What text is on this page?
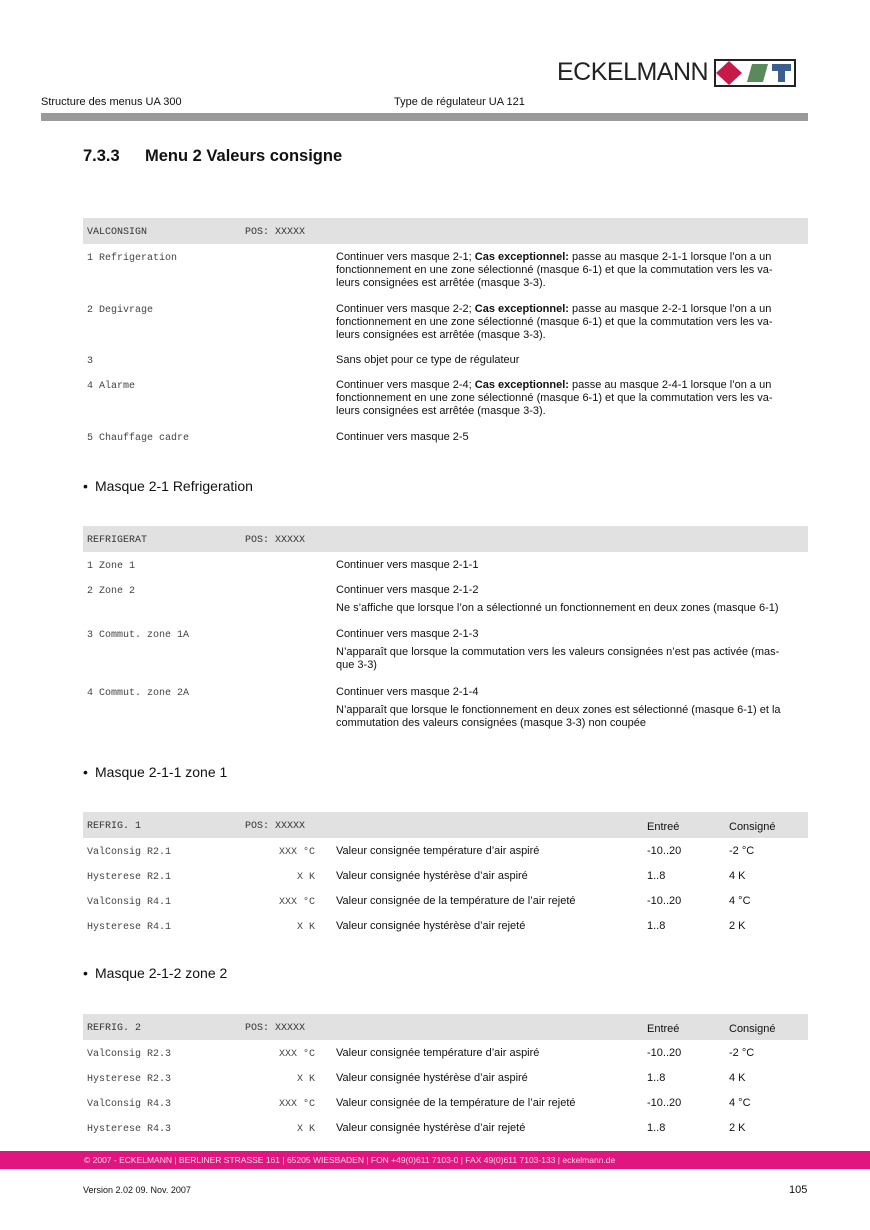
ECKELMANN
Structure des menus UA 300	Type de régulateur UA 121
7.3.3 Menu 2 Valeurs consigne
VALCONSIGN	POS: XXXXX
1 Refrigeration	Continuer vers masque 2-1; Cas exceptionnel: passe au masque 2-1-1 lorsque l’on a un
fonctionnement en une zone sélectionné (masque 6-1) et que la commutation vers les va-
leurs consignées est arrêtée (masque 3-3).
2 Degivrage	Continuer vers masque 2-2; Cas exceptionnel: passe au masque 2-2-1 lorsque l’on a un
fonctionnement en une zone sélectionné (masque 6-1) et que la commutation vers les va-
leurs consignées est arrêtée (masque 3-3).
3	Sans objet pour ce type de régulateur
4 Alarme	Continuer vers masque 2-4; Cas exceptionnel: passe au masque 2-4-1 lorsque l’on a un
fonctionnement en une zone sélectionné (masque 6-1) et que la commutation vers les va-
leurs consignées est arrêtée (masque 3-3).
5 Chauffage cadre	Continuer vers masque 2-5
• Masque 2-1 Refrigeration
REFRIGERAT	POS: XXXXX
1 Zone 1	Continuer vers masque 2-1-1
2 Zone 2	Continuer vers masque 2-1-2

Ne s’affiche que lorsque l’on a sélectionné un fonctionnement en deux zones (masque 6-1)
3 Commut. zone 1A	Continuer vers masque 2-1-3

N’apparaît que lorsque la commutation vers les valeurs consignées n’est pas activée (mas-
que 3-3)
4 Commut. zone 2A	Continuer vers masque 2-1-4

N’apparaît que lorsque le fonctionnement en deux zones est sélectionné (masque 6-1) et la
commutation des valeurs consignées (masque 3-3) non coupée
• Masque 2-1-1 zone 1
REFRIG. 1	POS: XXXXX	Entreé	Consigné
ValConsig R2.1	XXX °C Valeur consignée température d’air aspiré	-10..20	-2 °C
Hysterese R2.1	X K Valeur consignée hystérèse d’air aspiré	1..8	4 K
ValConsig R4.1	XXX °C Valeur consignée de la température de l’air rejeté	-10..20	4 °C
Hysterese R4.1	X K Valeur consignée hystérèse d’air rejeté	1..8	2 K
• Masque 2-1-2 zone 2
REFRIG. 2	POS: XXXXX	Entreé	Consigné
ValConsig R2.3	XXX °C Valeur consignée température d’air aspiré	-10..20	-2 °C
Hysterese R2.3	X K Valeur consignée hystérèse d’air aspiré	1..8	4 K
ValConsig R4.3	XXX °C Valeur consignée de la température de l’air rejeté	-10..20	4 °C
Hysterese R4.3	X K Valeur consignée hystérèse d’air rejeté	1..8	2 K
© 2007 - ECKELMANN | BERLINER STRASSE 161 | 65205 WIESBADEN | FON +49(0)611 7103-0 | FAX 49(0)611 7103-133 | eckelmann.de
Version 2.02 09. Nov. 2007	105
